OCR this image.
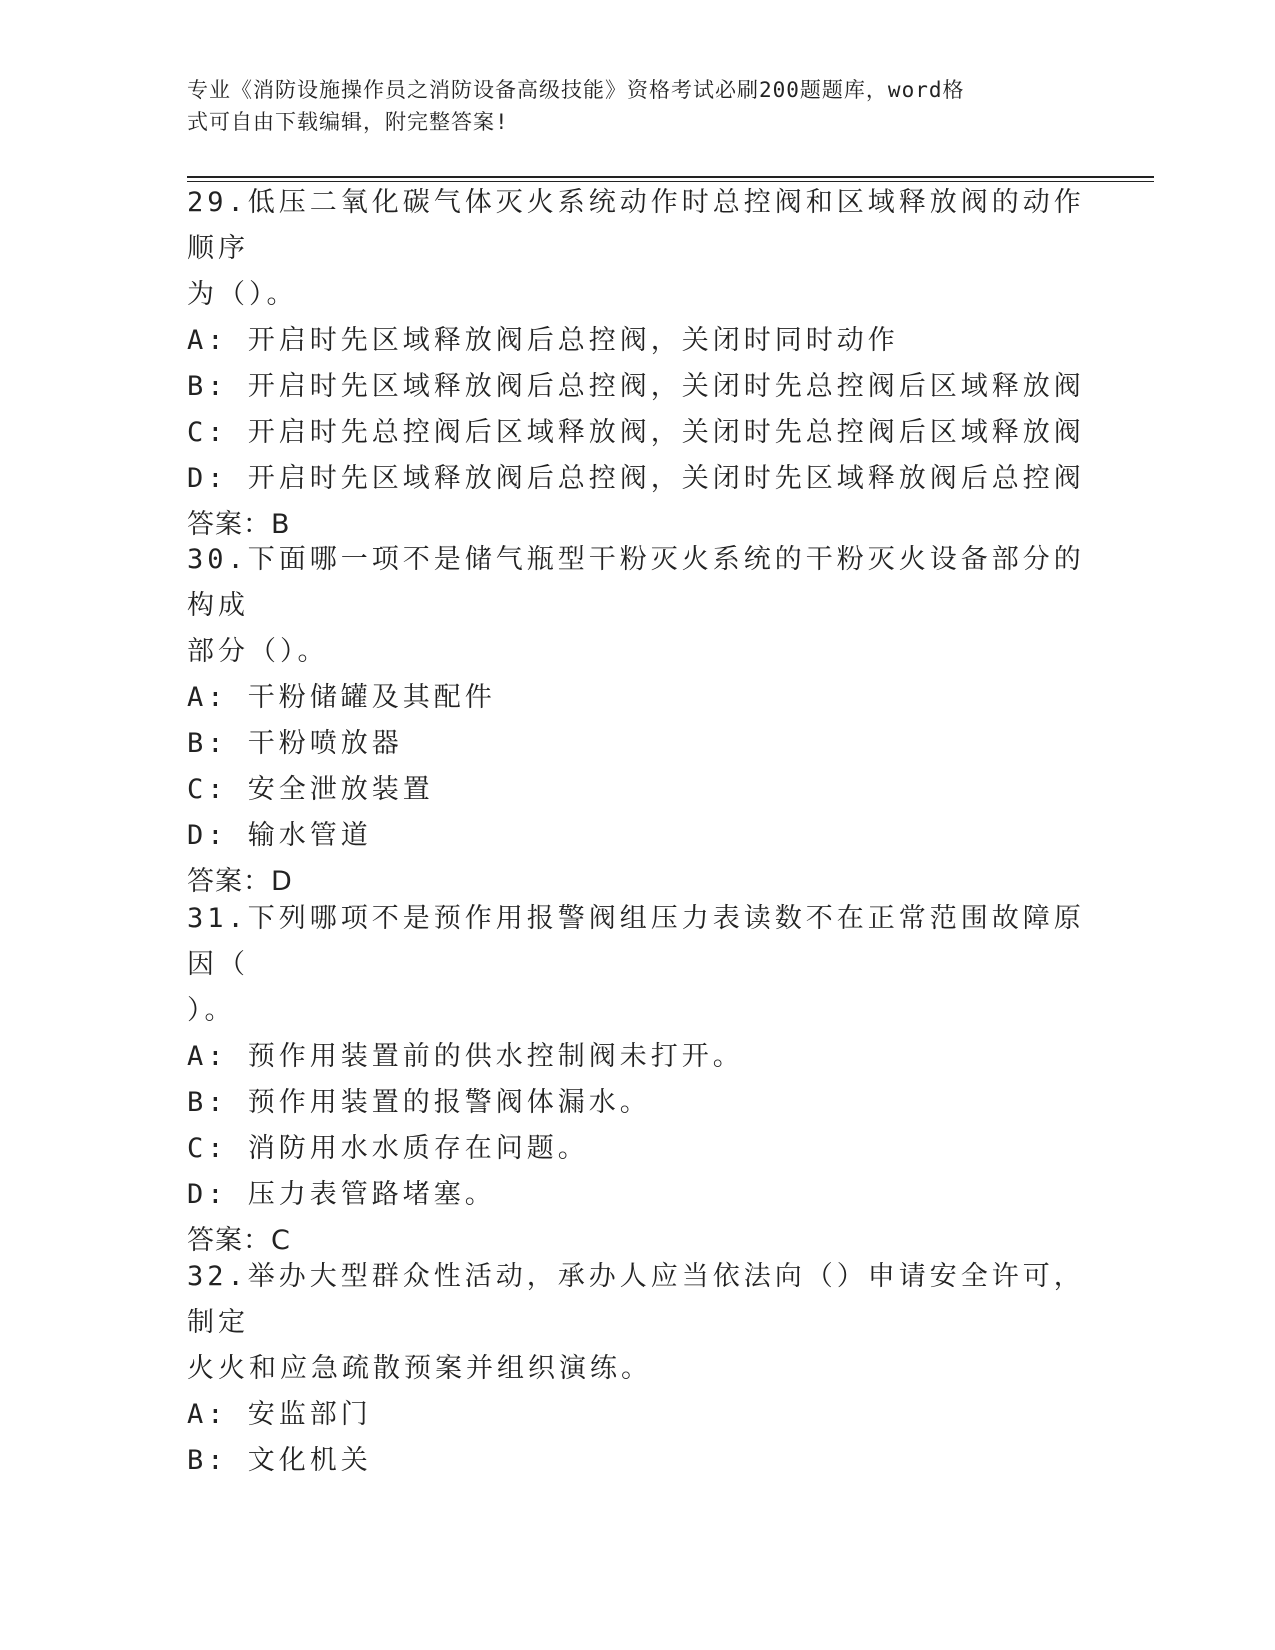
专业《消防设施操作员之消防设备高级技能》资格考试必刷200题题库，word格
式可自由下载编辑，附完整答案!

29.低压二氧化碳气体灭火系统动作时总控阀和区域释放阀的动作顺序

为（）。

A: 开启时先区域释放阀后总控阀，关闭时同时动作

B: 开启时先区域释放阀后总控阀，关闭时先总控阀后区域释放阀

C: 开启时先总控阀后区域释放阀，关闭时先总控阀后区域释放阀

D: 开启时先区域释放阀后总控阀，关闭时先区域释放阀后总控阀

答案：B

30.下面哪一项不是储气瓶型干粉灭火系统的干粉灭火设备部分的构成

部分（）。

A: 干粉储罐及其配件

B: 干粉喷放器

C: 安全泄放装置

D: 输水管道

答案：D

31.下列哪项不是预作用报警阀组压力表读数不在正常范围故障原因（

）。

A: 预作用装置前的供水控制阀未打开。

B: 预作用装置的报警阀体漏水。

C: 消防用水水质存在问题。

D: 压力表管路堵塞。

答案：C

32.举办大型群众性活动，承办人应当依法向（）申请安全许可，制定

火火和应急疏散预案并组织演练。

A: 安监部门

B: 文化机关
